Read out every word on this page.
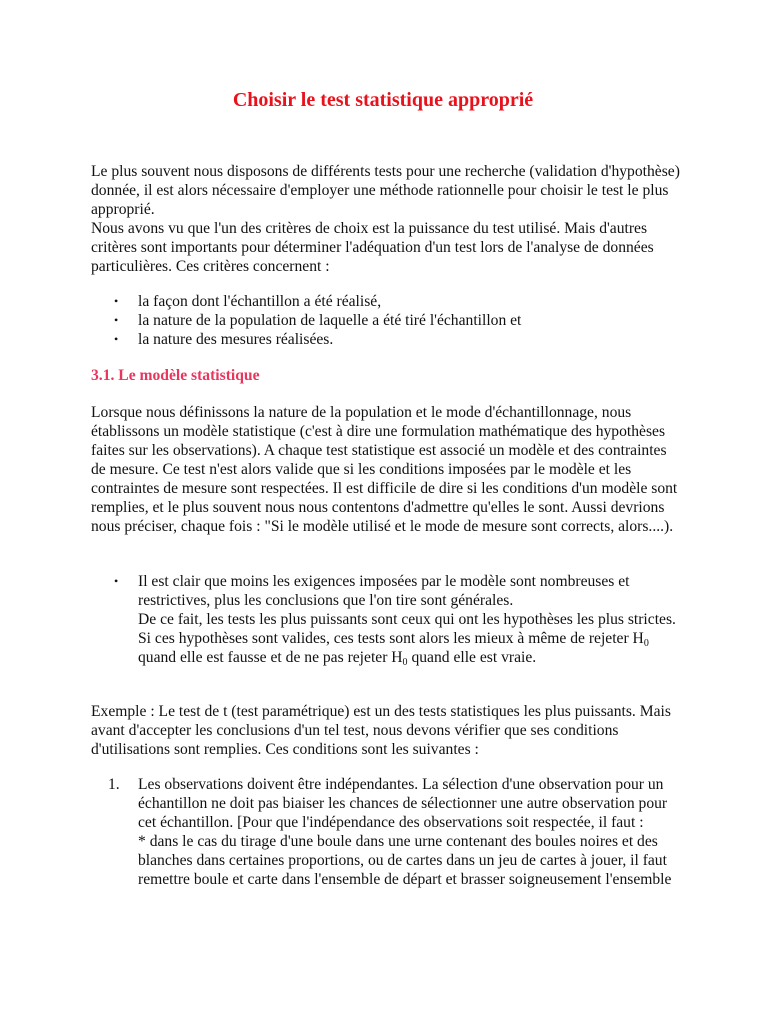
Choisir le test statistique approprié

Le plus souvent nous disposons de différents tests pour une recherche (validation d'hypothèse) donnée, il est alors nécessaire d'employer une méthode rationnelle pour choisir le test le plus approprié.

Nous avons vu que l'un des critères de choix est la puissance du test utilisé. Mais d'autres critères sont importants pour déterminer l'adéquation d'un test lors de l'analyse de données particulières. Ces critères concernent :

• la façon dont l'échantillon a été réalisé,
• la nature de la population de laquelle a été tiré l'échantillon et
• la nature des mesures réalisées.
3.1. Le modèle statistique

Lorsque nous définissons la nature de la population et le mode d'échantillonnage, nous établissons un modèle statistique (c'est à dire une formulation mathématique des hypothèses faites sur les observations). A chaque test statistique est associé un modèle et des contraintes de mesure. Ce test n'est alors valide que si les conditions imposées par le modèle et les contraintes de mesure sont respectées. Il est difficile de dire si les conditions d'un modèle sont remplies, et le plus souvent nous nous contentons d'admettre qu'elles le sont. Aussi devrions nous préciser, chaque fois : "Si le modèle utilisé et le mode de mesure sont corrects, alors....).

• Il est clair que moins les exigences imposées par le modèle sont nombreuses et restrictives, plus les conclusions que l'on tire sont générales.
De ce fait, les tests les plus puissants sont ceux qui ont les hypothèses les plus strictes. Si ces hypothèses sont valides, ces tests sont alors les mieux à même de rejeter $H_0$ quand elle est fausse et de ne pas rejeter $H_0$ quand elle est vraie.

Exemple : Le test de t (test paramétrique) est un des tests statistiques les plus puissants. Mais avant d'accepter les conclusions d'un tel test, nous devons vérifier que ses conditions d'utilisations sont remplies. Ces conditions sont les suivantes :

1. Les observations doivent être indépendantes. La sélection d'une observation pour un échantillon ne doit pas biaiser les chances de sélectionner une autre observation pour cet échantillon. [Pour que l'indépendance des observations soit respectée, il faut :
* dans le cas du tirage d'une boule dans une urne contenant des boules noires et des blanches dans certaines proportions, ou de cartes dans un jeu de cartes à jouer, il faut remettre boule et carte dans l'ensemble de départ et brasser soigneusement l'ensemble
